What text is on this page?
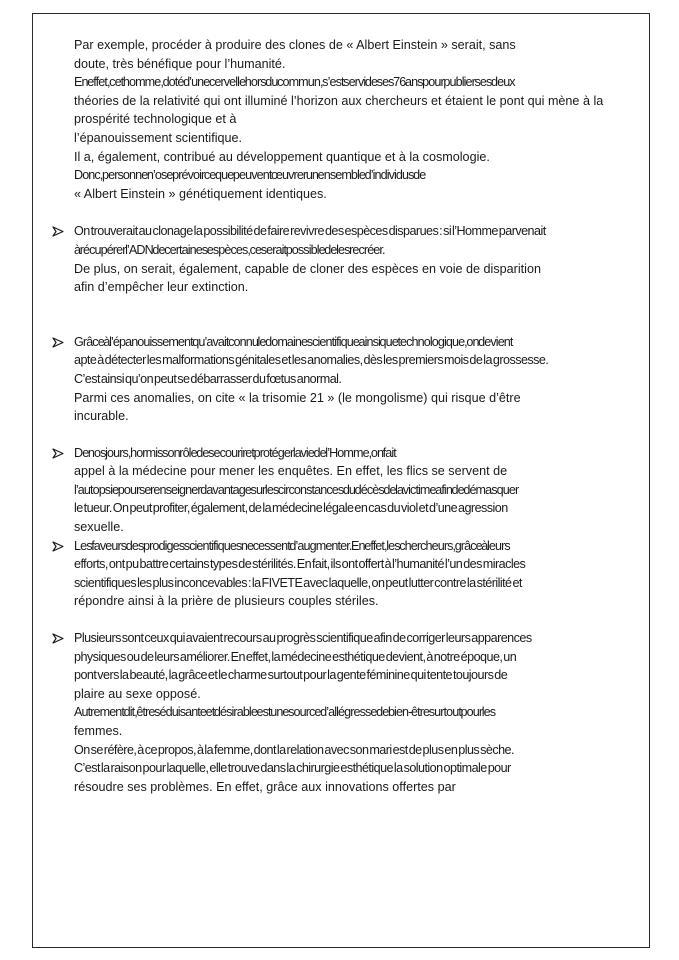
Par exemple, procéder à produire des clones de « Albert Einstein » serait, sans
doute, très bénéfique pour l’humanité.
En effet, cet homme, doté d’une cervelle hors du commun, s’est servi de ses 76 ans pour publier ses deux
théories de la relativité qui ont illuminé l’horizon aux chercheurs et étaient le pont qui mène à la
prospérité technologique et à
l’épanouissement scientifique.
Il a, également, contribué au développement quantique et à la cosmologie.
Donc, personne n’ose prévoir ce que peuvent œuvrer un ensemble d’individus de
« Albert Einstein » génétiquement identiques.
On trouverait au clonage la possibilité de faire revivre des espèces disparues : si l’Homme parvenait
à récupérer l’ADN de certaines espèces, ce serait possible de les recréer.
De plus, on serait, également, capable de cloner des espèces en voie de disparition
afin d’empêcher leur extinction.
Grâce à l’épanouissement qu’avait connu le domaine scientifique ainsi que technologique, on devient
apte à détecter les malformations génitales et les anomalies, dès les premiers mois de la grossesse.
C’est ainsi qu’on peut se débarrasser du fœtus anormal.
Parmi ces anomalies, on cite « la trisomie 21 » (le mongolisme) qui risque d’être
incurable.
De nos jours, hormis son rôle de secourir et protéger la vie de l’Homme, on fait
appel à la médecine pour mener les enquêtes. En effet, les flics se servent de
l’autopsie pour se renseigner davantage sur les circonstances du décès de la victime afin de démasquer
le tueur. On peut profiter, également, de la médecine légale en cas du viol et d’une agression
sexuelle.
Les faveurs des prodiges scientifiques ne cessent d’augmenter. En effet, les chercheurs, grâce à leurs
efforts, ont pu battre certains types de stérilités. En fait, ils ont offert à l’humanité l’un des miracles
scientifiques les plus inconcevables : la FIVETE avec laquelle, on peut lutter contre la stérilité et
répondre ainsi à la prière de plusieurs couples stériles.
Plusieurs sont ceux qui avaient recours au progrès scientifique afin de corriger leurs apparences
physiques ou de leurs améliorer. En effet, la médecine esthétique devient, à notre époque, un
pont vers la beauté, la grâce et le charme surtout pour la gente féminine qui tente toujours de
plaire au sexe opposé.
Autrement dit, être séduisante et désirable est une source d’allégresse de bien- être surtout pour les
femmes.
On se réfère, à ce propos, à la femme, dont la relation avec son mari est de plus en plus sèche.
C’est la raison pour laquelle, elle trouve dans la chirurgie esthétique la solution optimale pour
résoudre ses problèmes. En effet, grâce aux innovations offertes par
